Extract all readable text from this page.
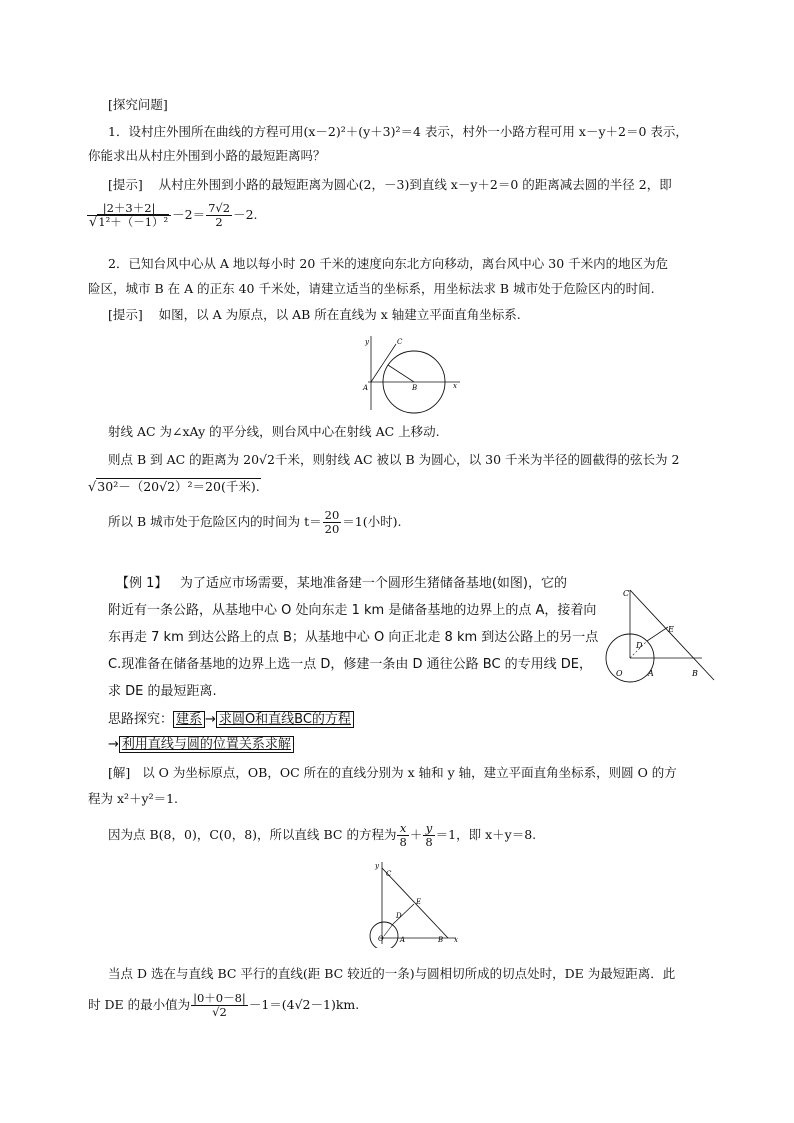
[探究问题]
1．设村庄外围所在曲线的方程可用(x－2)²＋(y＋3)²＝4 表示，村外一小路方程可用 x－y＋2＝0 表示，
你能求出从村庄外围到小路的最短距离吗？
[提示] 从村庄外围到小路的最短距离为圆心(2，－3)到直线 x－y＋2＝0 的距离减去圆的半径 2，即
$\frac{|2+3+2|}{\text{√1²＋（－1）²}} -2= \frac{7√2}{2} -2$.
2．已知台风中心从 A 地以每小时 20 千米的速度向东北方向移动，离台风中心 30 千米内的地区为危
险区，城市 B 在 A 的正东 40 千米处，请建立适当的坐标系，用坐标法求 B 城市处于危险区内的时间.
[提示] 如图，以 A 为原点，以 AB 所在直线为 x 轴建立平面直角坐标系.
y	C
A	B	x
射线 AC 为∠xAy 的平分线，则台风中心在射线 AC 上移动.
则点 B 到 AC 的距离为 20√2千米，则射线 AC 被以 B 为圆心，以 30 千米为半径的圆截得的弦长为 2
√30²－（20√2）²＝20(千米).
所以 B 城市处于危险区内的时间为 $t= \frac{20}{20} =1$(小时).
【例 1】 为了适应市场需要，某地准备建一个圆形生猪储备基地(如图)，它的
附近有一条公路，从基地中心 O 处向东走 1 km 是储备基地的边界上的点 A，接着向
东再走 7 km 到达公路上的点 B；从基地中心 O 向正北走 8 km 到达公路上的另一点
C.现准备在储备基地的边界上选一点 D，修建一条由 D 通往公路 BC 的专用线 DE，
求 DE 的最短距离.
C
E
D
O	A	B
思路探究： 建系 → 求圆O和直线BC的方程
→ 利用直线与圆的位置关系求解
[解] 以 O 为坐标原点，OB，OC 所在的直线分别为 x 轴和 y 轴，建立平面直角坐标系，则圆 O 的方
程为 x²＋y²＝1.
因为点 B(8，0)，C(0，8)，所以直线 BC 的方程为 $\frac{x}{8} + \frac{y}{8} =1$，即 x＋y＝8.
y
C
E
D
O A	B x
当点 D 选在与直线 BC 平行的直线(距 BC 较近的一条)与圆相切所成的切点处时，DE 为最短距离．此
时 DE 的最小值为 $\frac{|0+0-8|}{√2} -1=(4√2-1)km$.
